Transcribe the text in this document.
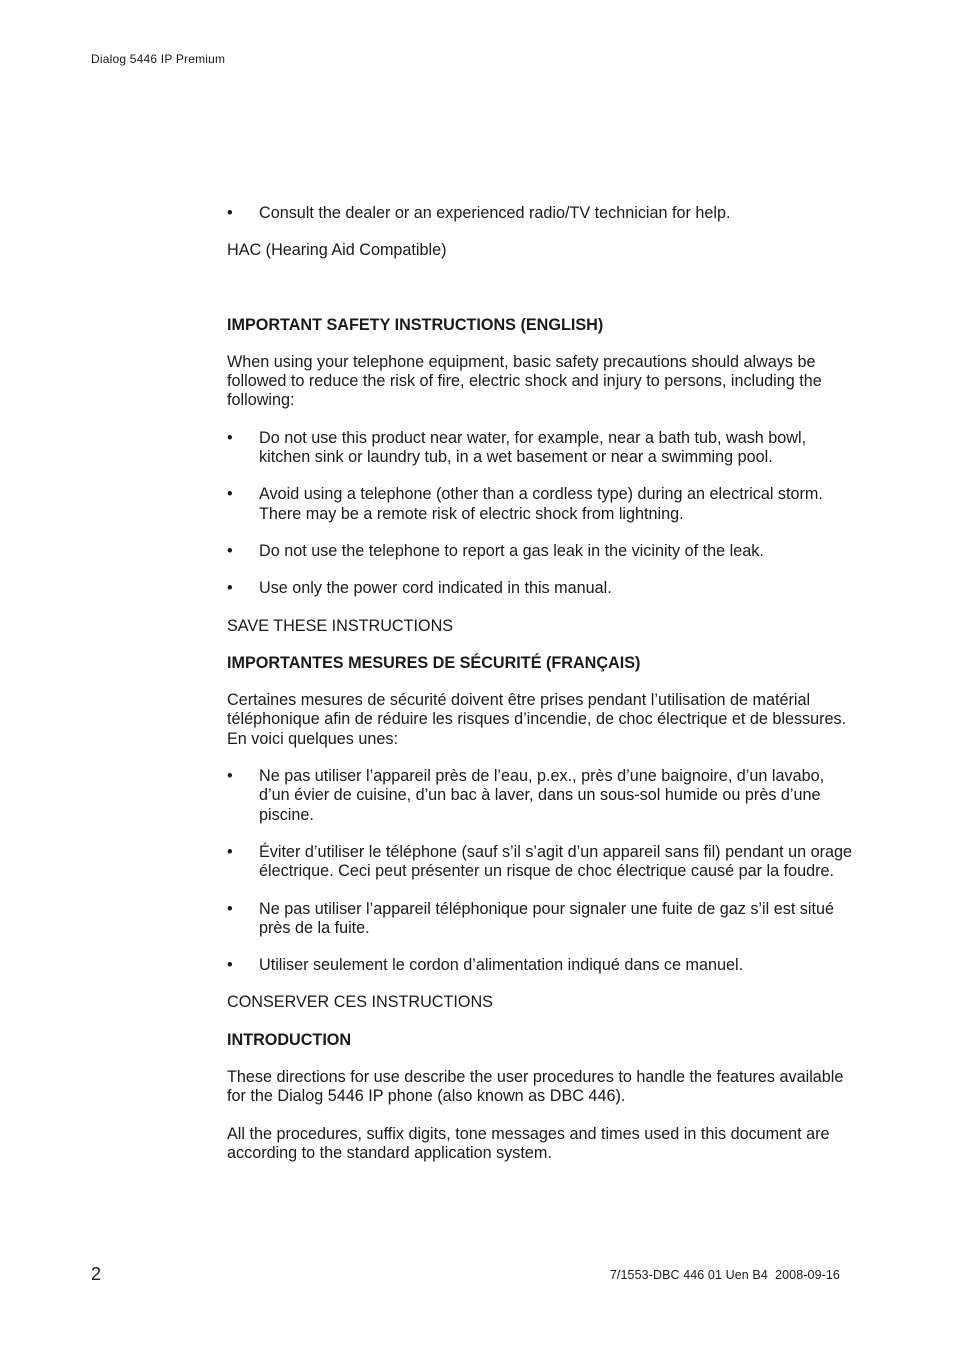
Dialog 5446 IP Premium
• Consult the dealer or an experienced radio/TV technician for help.

HAC (Hearing Aid Compatible)

IMPORTANT SAFETY INSTRUCTIONS (ENGLISH)

When using your telephone equipment, basic safety precautions should always be followed to reduce the risk of fire, electric shock and injury to persons, including the following:

• Do not use this product near water, for example, near a bath tub, wash bowl, kitchen sink or laundry tub, in a wet basement or near a swimming pool.
• Avoid using a telephone (other than a cordless type) during an electrical storm. There may be a remote risk of electric shock from lightning.
• Do not use the telephone to report a gas leak in the vicinity of the leak.
• Use only the power cord indicated in this manual.

SAVE THESE INSTRUCTIONS

IMPORTANTES MESURES DE SÉCURITÉ (FRANÇAIS)

Certaines mesures de sécurité doivent être prises pendant l’utilisation de matérial téléphonique afin de réduire les risques d’incendie, de choc électrique et de blessures. En voici quelques unes:

• Ne pas utiliser l’appareil près de l’eau, p.ex., près d’une baignoire, d’un lavabo, d’un évier de cuisine, d’un bac à laver, dans un sous-sol humide ou près d’une piscine.
• Éviter d’utiliser le téléphone (sauf s’il s’agit d’un appareil sans fil) pendant un orage électrique. Ceci peut présenter un risque de choc électrique causé par la foudre.
• Ne pas utiliser l’appareil téléphonique pour signaler une fuite de gaz s’il est situé près de la fuite.
• Utiliser seulement le cordon d’alimentation indiqué dans ce manuel.

CONSERVER CES INSTRUCTIONS

INTRODUCTION

These directions for use describe the user procedures to handle the features available for the Dialog 5446 IP phone (also known as DBC 446).

All the procedures, suffix digits, tone messages and times used in this document are according to the standard application system.

2	7/1553-DBC 446 01 Uen B4  2008-09-16
